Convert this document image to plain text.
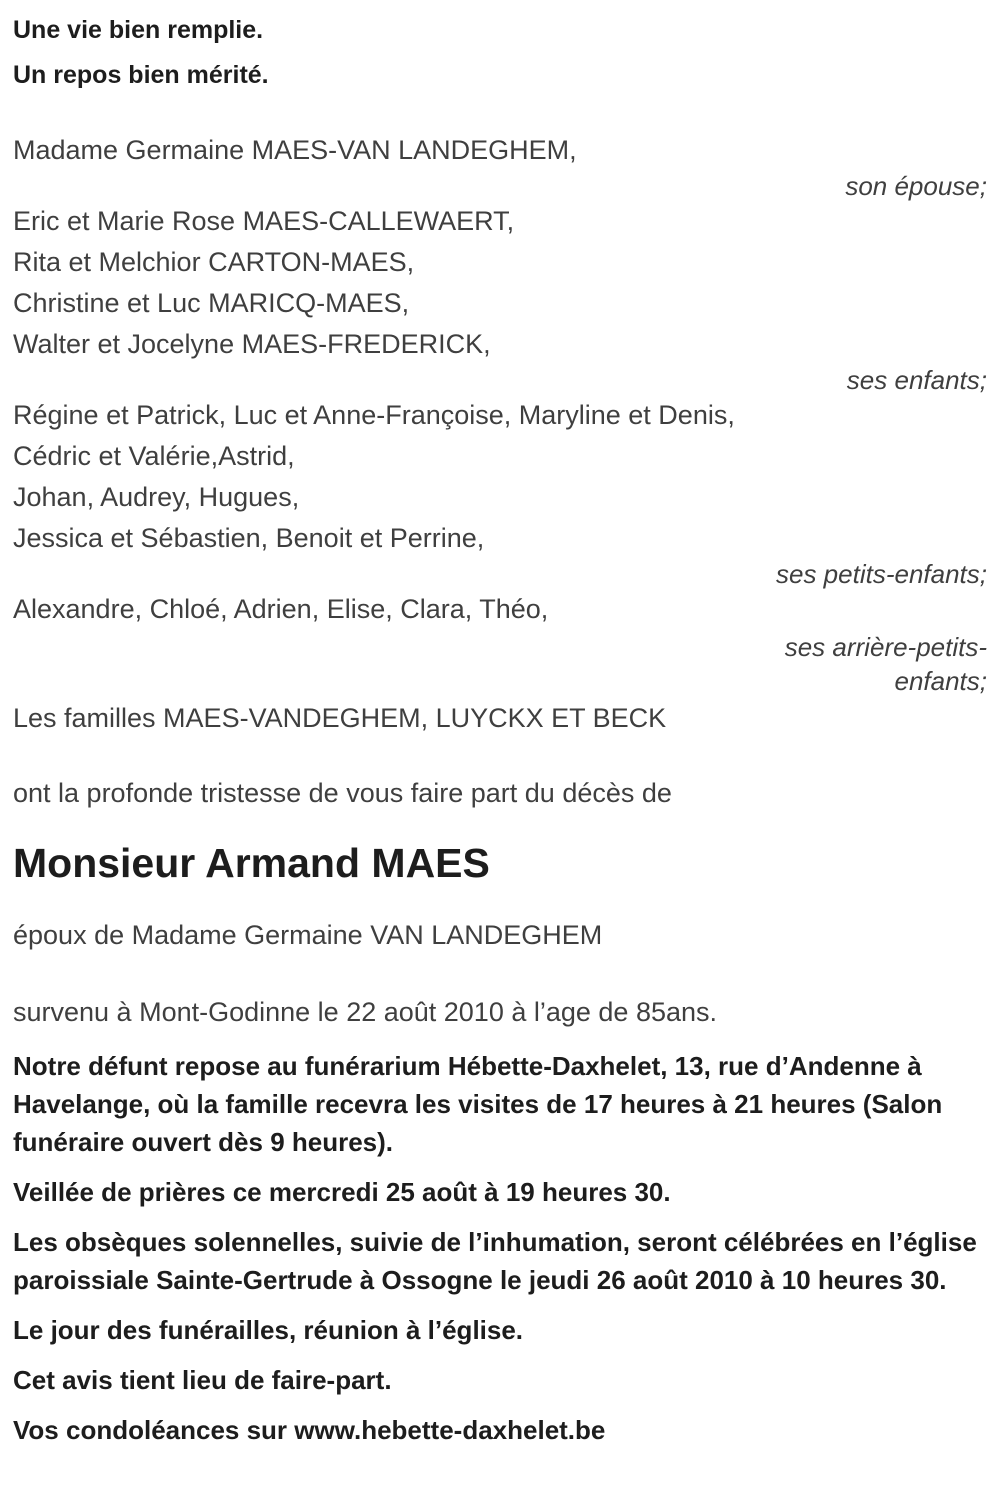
Une vie bien remplie.

Un repos bien mérité.

Madame Germaine MAES-VAN LANDEGHEM,

son épouse;

Eric et Marie Rose MAES-CALLEWAERT,

Rita et Melchior CARTON-MAES,

Christine et Luc MARICQ-MAES,

Walter et Jocelyne MAES-FREDERICK,

ses enfants;

Régine et Patrick, Luc et Anne-Françoise, Maryline et Denis,

Cédric et Valérie,Astrid,

Johan, Audrey, Hugues,

Jessica et Sébastien, Benoit et Perrine,

ses petits-enfants;

Alexandre, Chloé, Adrien, Elise, Clara, Théo,

ses arrière-petits-enfants;

Les familles MAES-VANDEGHEM, LUYCKX ET BECK

ont la profonde tristesse de vous faire part du décès de

Monsieur Armand MAES

époux de Madame Germaine VAN LANDEGHEM

survenu à Mont-Godinne le 22 août 2010 à l’age de 85ans.

Notre défunt repose au funérarium Hébette-Daxhelet, 13, rue d’Andenne à Havelange, où la famille recevra les visites de 17 heures à 21 heures (Salon funéraire ouvert dès 9 heures).

Veillée de prières ce mercredi 25 août à 19 heures 30.

Les obsèques solennelles, suivie de l’inhumation, seront célébrées en l’église paroissiale Sainte-Gertrude à Ossogne le jeudi 26 août 2010 à 10 heures 30.

Le jour des funérailles, réunion à l’église.

Cet avis tient lieu de faire-part.

Vos condoléances sur www.hebette-daxhelet.be
